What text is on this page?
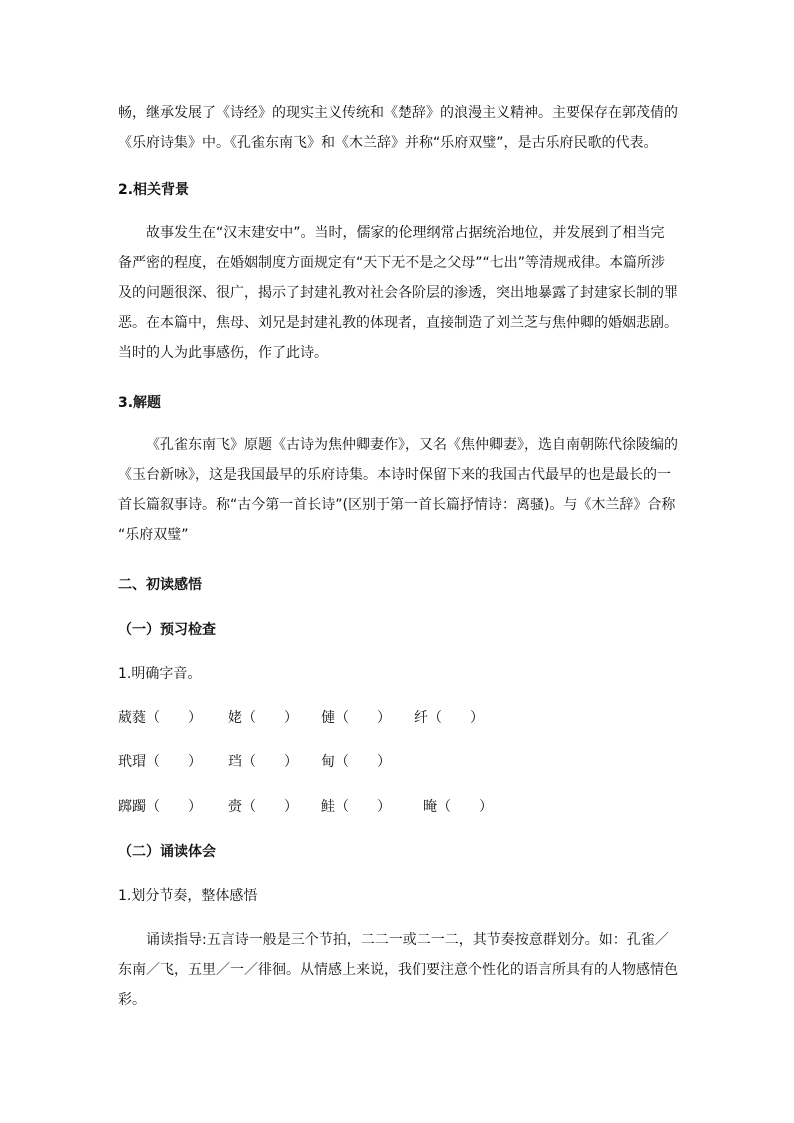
畅，继承发展了《诗经》的现实主义传统和《楚辞》的浪漫主义精神。主要保存在郭茂倩的《乐府诗集》中。《孔雀东南飞》和《木兰辞》并称“乐府双璧”，是古乐府民歌的代表。

2.相关背景

故事发生在“汉末建安中”。当时，儒家的伦理纲常占据统治地位，并发展到了相当完备严密的程度，在婚姻制度方面规定有“天下无不是之父母”“七出”等清规戒律。本篇所涉及的问题很深、很广，揭示了封建礼教对社会各阶层的渗透，突出地暴露了封建家长制的罪恶。在本篇中，焦母、刘兄是封建礼教的体现者，直接制造了刘兰芝与焦仲卿的婚姻悲剧。当时的人为此事感伤，作了此诗。

3.解题

《孔雀东南飞》原题《古诗为焦仲卿妻作》，又名《焦仲卿妻》，选自南朝陈代徐陵编的《玉台新咏》，这是我国最早的乐府诗集。本诗时保留下来的我国古代最早的也是最长的一首长篇叙事诗。称“古今第一首长诗”(区别于第一首长篇抒情诗：离骚)。与《木兰辞》合称 “乐府双璧”

二、初读感悟
（一）预习检查
1.明确字音。
葳蕤（　　） 姥（　　） 僆（　　） 纤（　　）
玳瑁（　　） 珰（　　） 甸（　　）
踯躅（　　） 赍（　　） 鲑（　　） 晻（　　）
（二）诵读体会
1.划分节奏，整体感悟

诵读指导:五言诗一般是三个节拍，二二一或二一二，其节奏按意群划分。如：孔雀／东南／飞，五里／一／徘徊。从情感上来说，我们要注意个性化的语言所具有的人物感情色彩。
